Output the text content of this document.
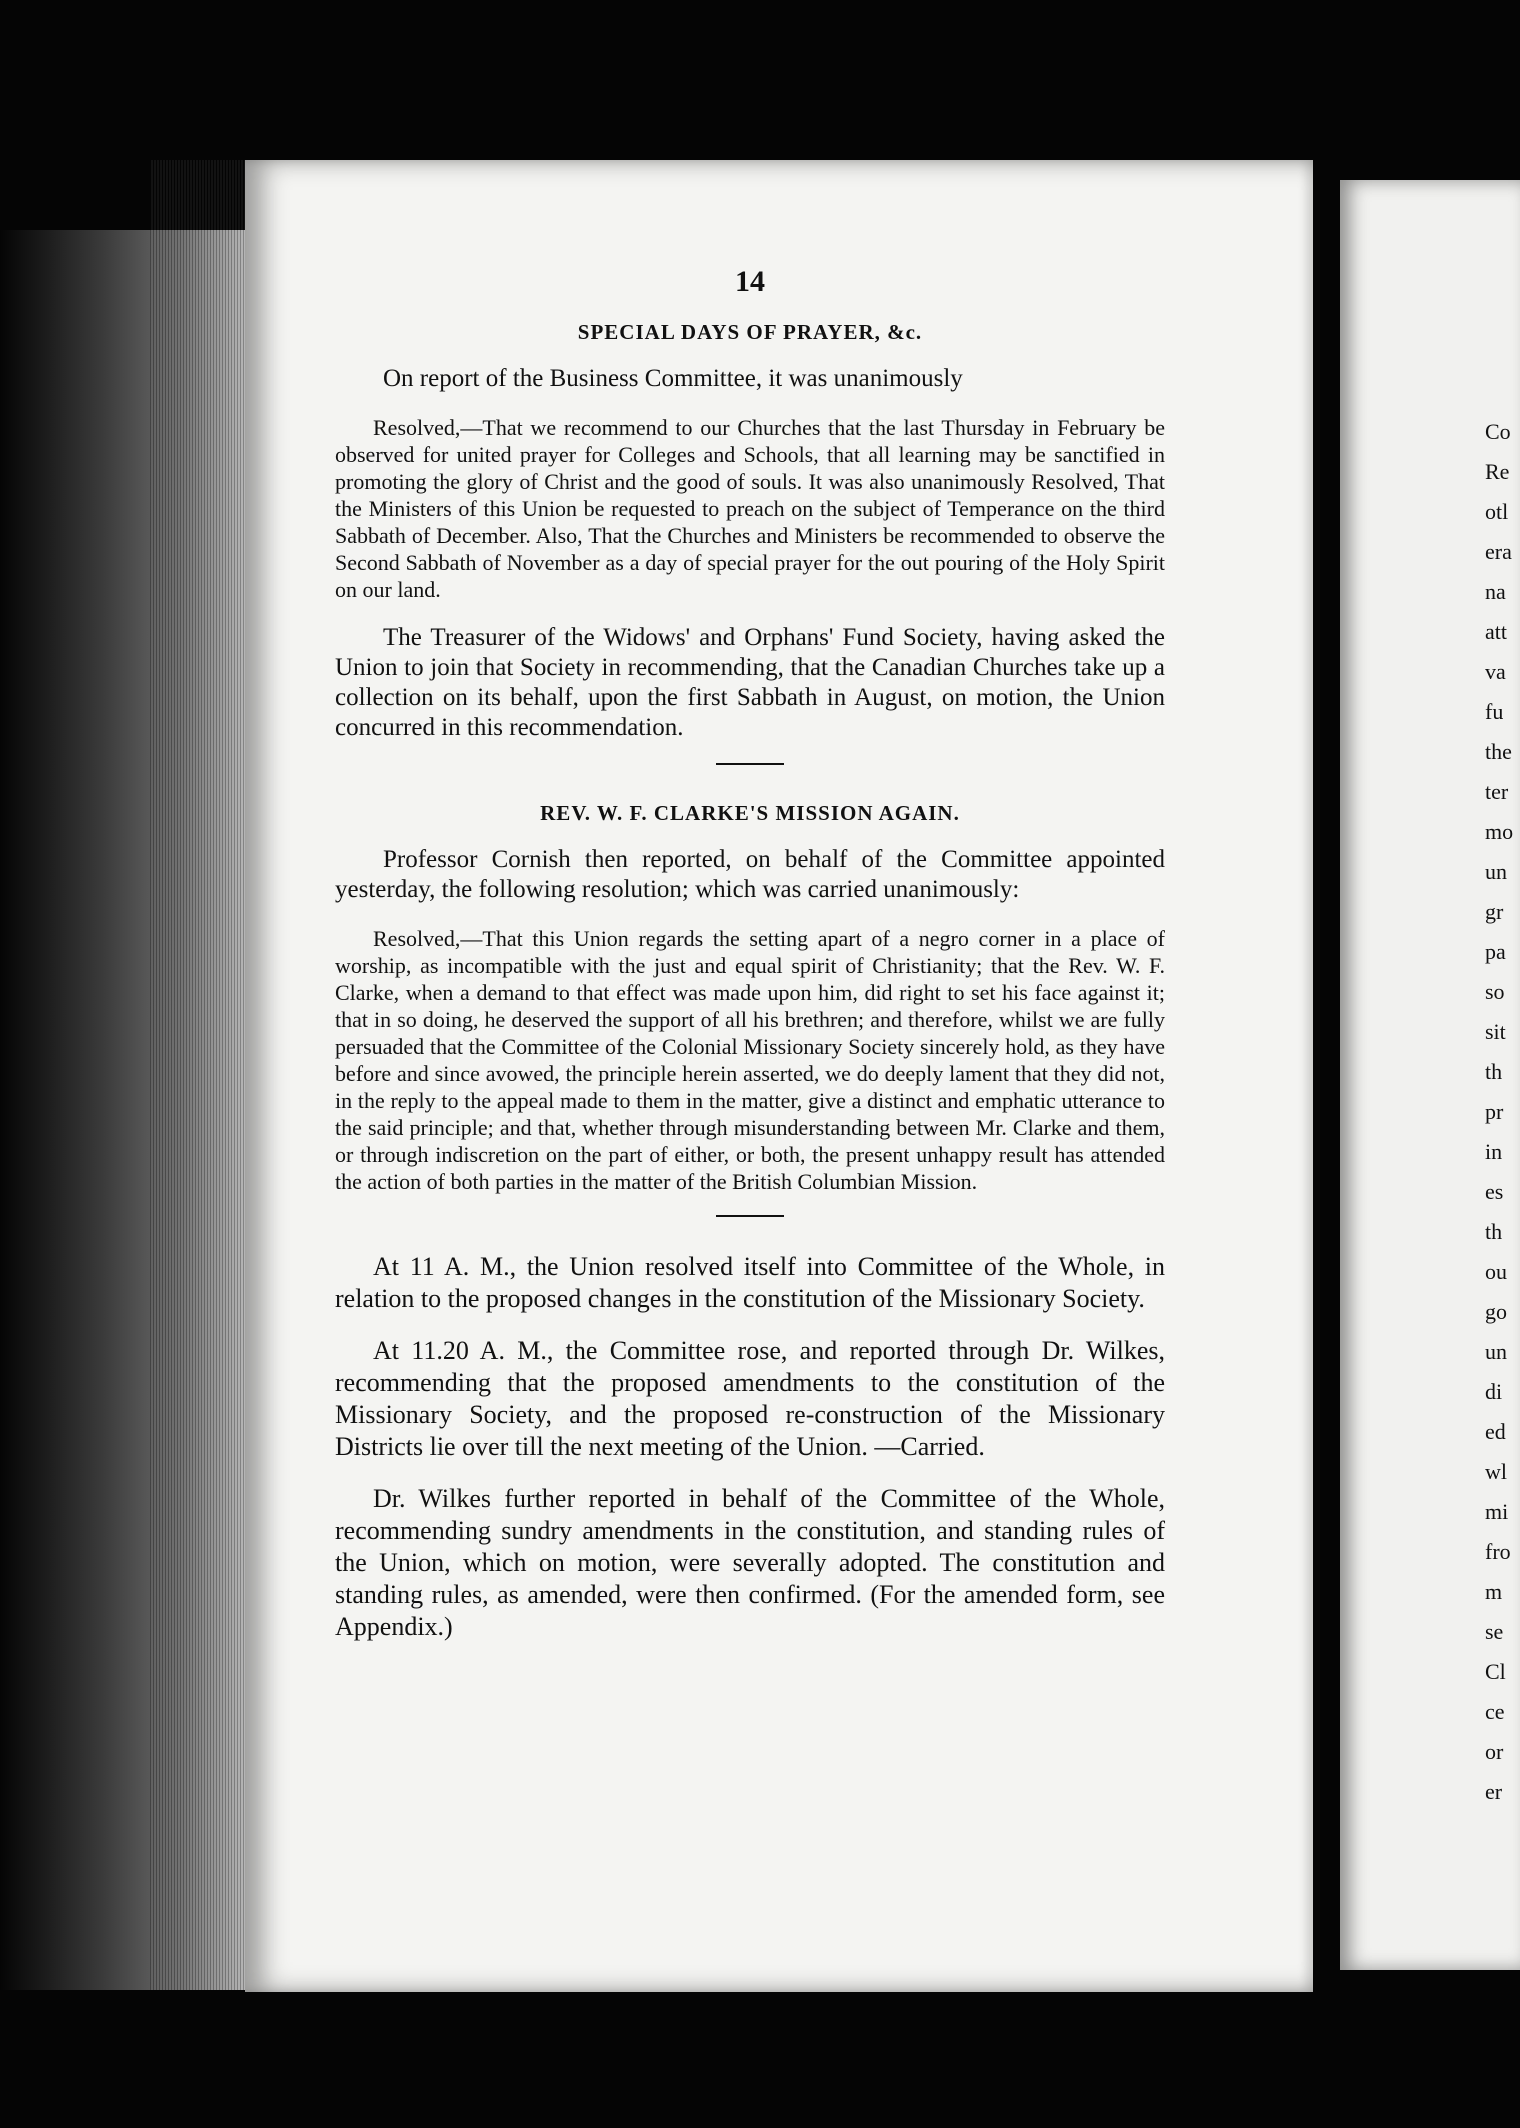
14
SPECIAL DAYS OF PRAYER, &c.

On report of the Business Committee, it was unanimously

Resolved,—That we recommend to our Churches that the last Thursday in February be observed for united prayer for Colleges and Schools, that all learning may be sanctified in promoting the glory of Christ and the good of souls. It was also unanimously Resolved, That the Ministers of this Union be requested to preach on the subject of Temperance on the third Sabbath of December. Also, That the Churches and Ministers be recommended to observe the Second Sabbath of November as a day of special prayer for the out pouring of the Holy Spirit on our land.

The Treasurer of the Widows' and Orphans' Fund Society, having asked the Union to join that Society in recommending, that the Canadian Churches take up a collection on its behalf, upon the first Sabbath in August, on motion, the Union concurred in this recommendation.

REV. W. F. CLARKE'S MISSION AGAIN.

Professor Cornish then reported, on behalf of the Committee appointed yesterday, the following resolution; which was carried unanimously:

Resolved,—That this Union regards the setting apart of a negro corner in a place of worship, as incompatible with the just and equal spirit of Christianity; that the Rev. W. F. Clarke, when a demand to that effect was made upon him, did right to set his face against it; that in so doing, he deserved the support of all his brethren; and therefore, whilst we are fully persuaded that the Committee of the Colonial Missionary Society sincerely hold, as they have before and since avowed, the principle herein asserted, we do deeply lament that they did not, in the reply to the appeal made to them in the matter, give a distinct and emphatic utterance to the said principle; and that, whether through misunderstanding between Mr. Clarke and them, or through indiscretion on the part of either, or both, the present unhappy result has attended the action of both parties in the matter of the British Columbian Mission.

At 11 A. M., the Union resolved itself into Committee of the Whole, in relation to the proposed changes in the constitution of the Missionary Society.

At 11.20 A. M., the Committee rose, and reported through Dr. Wilkes, recommending that the proposed amendments to the constitution of the Missionary Society, and the proposed re-construction of the Missionary Districts lie over till the next meeting of the Union. —Carried.

Dr. Wilkes further reported in behalf of the Committee of the Whole, recommending sundry amendments in the constitution, and standing rules of the Union, which on motion, were severally adopted. The constitution and standing rules, as amended, were then confirmed. (For the amended form, see Appendix.)

Co
Re
otl
era
na
att
va
fu
the
ter
mo
un
gr
pa
so
sit
th
pr
in
es
th
ou
go
un
di
ed
wl
mi
fro
m
se
Cl
ce
or
er
